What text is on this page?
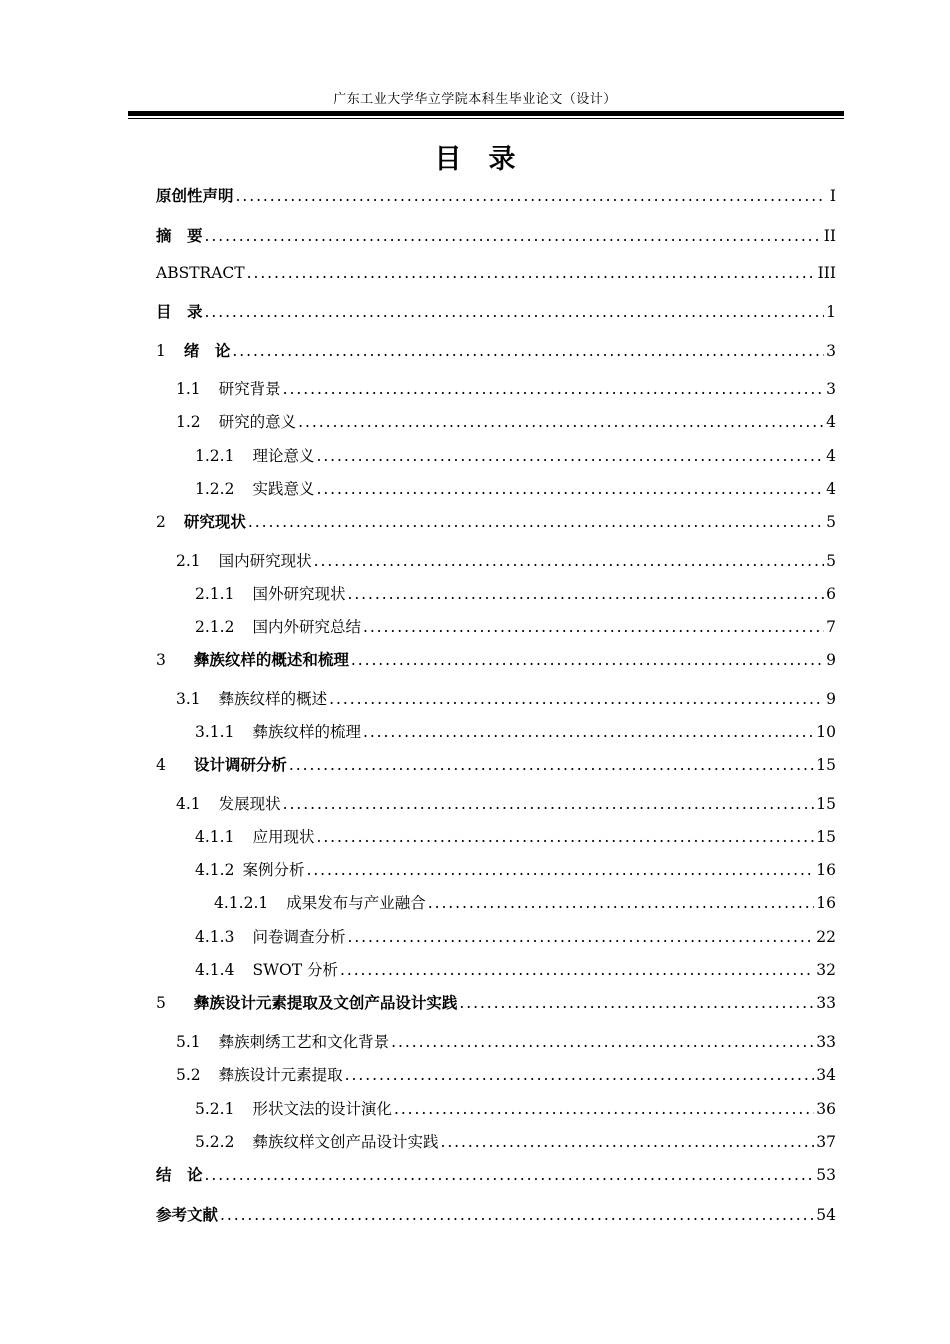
广东工业大学华立学院本科生毕业论文（设计）
目　录
原创性声明 . . .	I
摘　要 . . .	II
ABSTRACT . . .	III
目　录 . . .	1
1 绪　论 . . .	3
1.1 研究背景 . . .	3
1.2 研究的意义 . . .	4
1.2.1 理论意义 . . .	4
1.2.2 实践意义 . . .	4
2 研究现状 . . .	5
2.1 国内研究现状 . . .	5
2.1.1 国外研究现状 . . .	6
2.1.2 国内外研究总结 . . .	7
3 彝族纹样的概述和梳理 . . .	9
3.1 彝族纹样的概述 . . .	9
3.1.1 彝族纹样的梳理 . . .	10
4 设计调研分析 . . .	15
4.1 发展现状 . . .	15
4.1.1 应用现状 . . .	15
4.1.2 案例分析 . . .	16
4.1.2.1 成果发布与产业融合 . . .	16
4.1.3 问卷调查分析 . . .	22
4.1.4 SWOT 分析 . . .	32
5 彝族设计元素提取及文创产品设计实践 . . .	33
5.1 彝族刺绣工艺和文化背景 . . .	33
5.2 彝族设计元素提取 . . .	34
5.2.1 形状文法的设计演化 . . .	36
5.2.2 彝族纹样文创产品设计实践 . . .	37
结　论 . . .	53
参考文献 . . .	54
